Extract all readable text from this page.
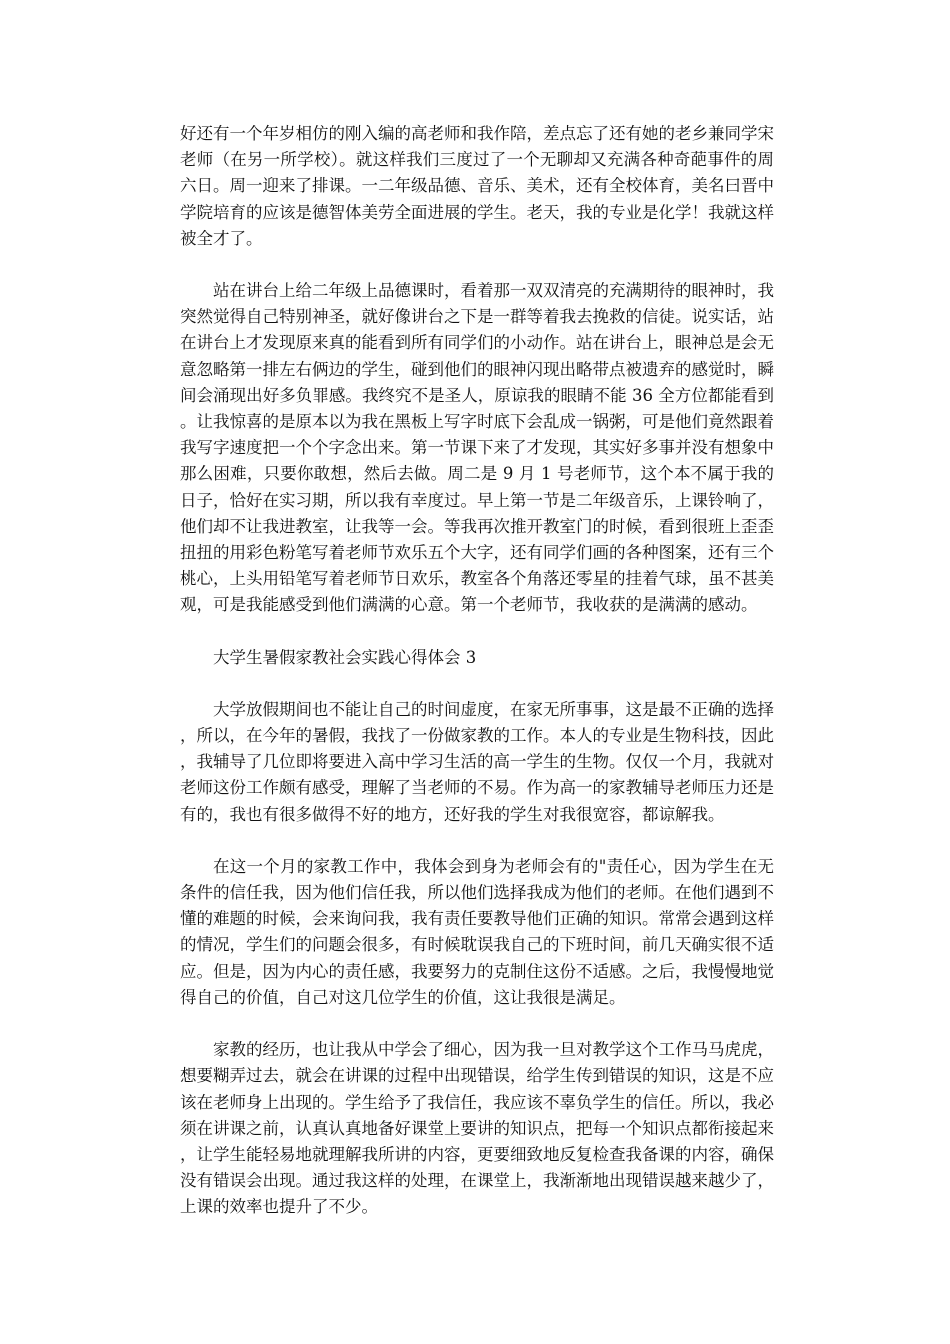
好还有一个年岁相仿的刚入编的高老师和我作陪，差点忘了还有她的老乡兼同学宋老师（在另一所学校）。就这样我们三度过了一个无聊却又充满各种奇葩事件的周六日。周一迎来了排课。一二年级品德、音乐、美术，还有全校体育，美名曰晋中学院培育的应该是德智体美劳全面进展的学生。老天，我的专业是化学！我就这样被全才了。

站在讲台上给二年级上品德课时，看着那一双双清亮的充满期待的眼神时，我突然觉得自己特别神圣，就好像讲台之下是一群等着我去挽救的信徒。说实话，站在讲台上才发现原来真的能看到所有同学们的小动作。站在讲台上，眼神总是会无意忽略第一排左右俩边的学生，碰到他们的眼神闪现出略带点被遗弃的感觉时，瞬间会涌现出好多负罪感。我终究不是圣人，原谅我的眼睛不能 36 全方位都能看到。让我惊喜的是原本以为我在黑板上写字时底下会乱成一锅粥，可是他们竟然跟着我写字速度把一个个字念出来。第一节课下来了才发现，其实好多事并没有想象中那么困难，只要你敢想，然后去做。周二是 9 月 1 号老师节，这个本不属于我的日子，恰好在实习期，所以我有幸度过。早上第一节是二年级音乐，上课铃响了，他们却不让我进教室，让我等一会。等我再次推开教室门的时候，看到很班上歪歪扭扭的用彩色粉笔写着老师节欢乐五个大字，还有同学们画的各种图案，还有三个桃心，上头用铅笔写着老师节日欢乐，教室各个角落还零星的挂着气球，虽不甚美观，可是我能感受到他们满满的心意。第一个老师节，我收获的是满满的感动。

大学生暑假家教社会实践心得体会 3

大学放假期间也不能让自己的时间虚度，在家无所事事，这是最不正确的选择，所以，在今年的暑假，我找了一份做家教的工作。本人的专业是生物科技，因此，我辅导了几位即将要进入高中学习生活的高一学生的生物。仅仅一个月，我就对老师这份工作颇有感受，理解了当老师的不易。作为高一的家教辅导老师压力还是有的，我也有很多做得不好的地方，还好我的学生对我很宽容，都谅解我。

在这一个月的家教工作中，我体会到身为老师会有的"责任心，因为学生在无条件的信任我，因为他们信任我，所以他们选择我成为他们的老师。在他们遇到不懂的难题的时候，会来询问我，我有责任要教导他们正确的知识。常常会遇到这样的情况，学生们的问题会很多，有时候耽误我自己的下班时间，前几天确实很不适应。但是，因为内心的责任感，我要努力的克制住这份不适感。之后，我慢慢地觉得自己的价值，自己对这几位学生的价值，这让我很是满足。

家教的经历，也让我从中学会了细心，因为我一旦对教学这个工作马马虎虎，想要糊弄过去，就会在讲课的过程中出现错误，给学生传到错误的知识，这是不应该在老师身上出现的。学生给予了我信任，我应该不辜负学生的信任。所以，我必须在讲课之前，认真认真地备好课堂上要讲的知识点，把每一个知识点都衔接起来，让学生能轻易地就理解我所讲的内容，更要细致地反复检查我备课的内容，确保没有错误会出现。通过我这样的处理，在课堂上，我渐渐地出现错误越来越少了，上课的效率也提升了不少。
